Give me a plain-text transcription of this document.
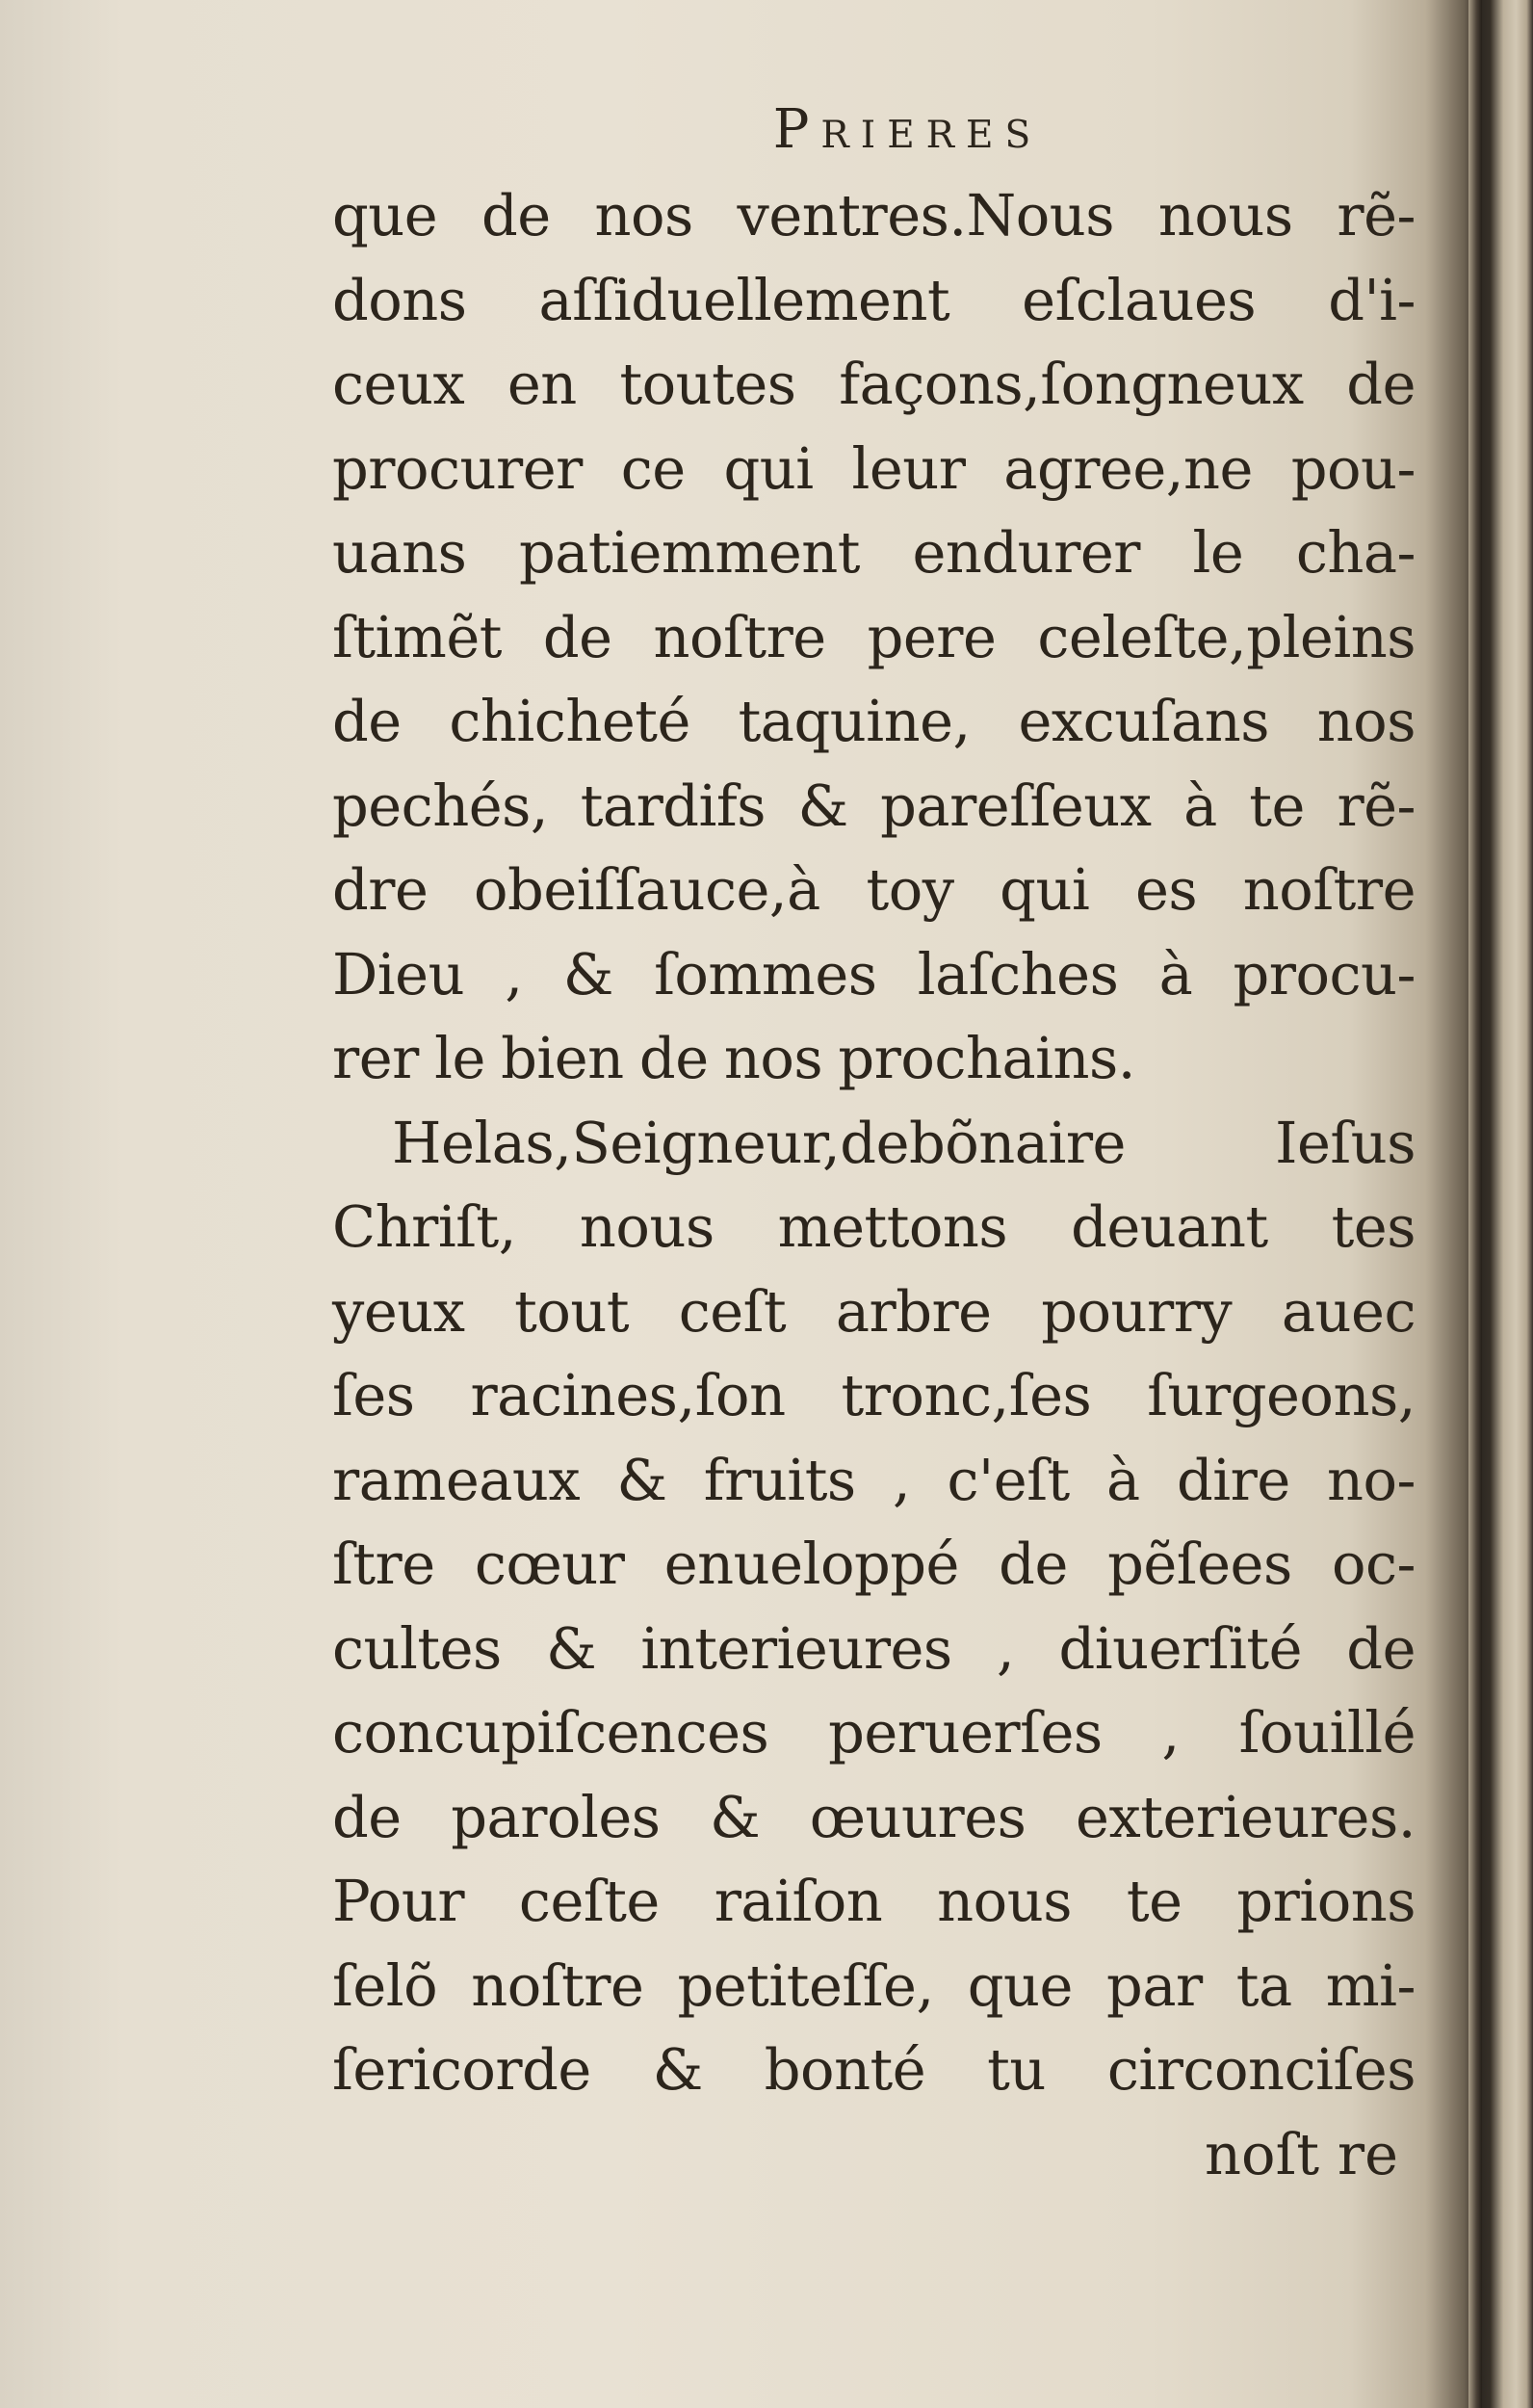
Prieres
que de nos ventres.Nous nous rẽ-
dons aſſiduellement eſclaues d'i-
ceux en toutes façons,ſongneux de
procurer ce qui leur agree,ne pou-
uans patiemment endurer le cha-
ſtimẽt de noſtre pere celeſte,pleins
de chicheté taquine, excuſans nos
pechés, tardifs & pareſſeux à te rẽ-
dre obeiſſauce,à toy qui es noſtre
Dieu , & ſommes laſches à procu-
rer le bien de nos prochains.
Helas,Seigneur,debõnaire Ieſus
Chriſt, nous mettons deuant tes
yeux tout ceſt arbre pourry auec
ſes racines,ſon tronc,ſes ſurgeons,
rameaux & fruits , c'eſt à dire no-
ſtre cœur enueloppé de pẽſees oc-
cultes & interieures , diuerſité de
concupiſcences peruerſes , ſouillé
de paroles & œuures exterieures.
Pour ceſte raiſon nous te prions
ſelõ noſtre petiteſſe, que par ta mi-
ſericorde & bonté tu circonciſes
noſt re
